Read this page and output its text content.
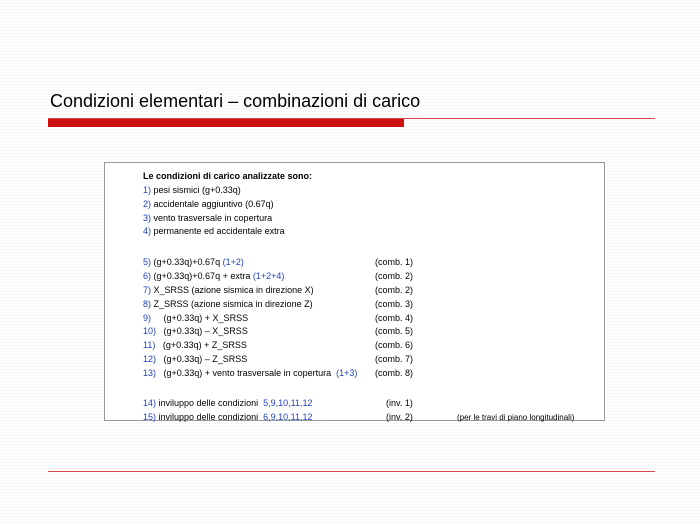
Condizioni elementari – combinazioni di carico
Le condizioni di carico analizzate sono:
1) pesi sismici (g+0.33q)
2) accidentale aggiuntivo (0.67q)
3) vento trasversale in copertura
4) permanente ed accidentale extra
5) (g+0.33q)+0.67q (1+2)	(comb. 1)
6) (g+0.33q)+0.67q + extra (1+2+4)	(comb. 2)
7) X_SRSS (azione sismica in direzione X)	(comb. 2)
8) Z_SRSS (azione sismica in direzione Z)	(comb. 3)
9)     (g+0.33q) + X_SRSS	(comb. 4)
10)   (g+0.33q) – X_SRSS	(comb. 5)
11)   (g+0.33q) + Z_SRSS	(comb. 6)
12)   (g+0.33q) – Z_SRSS	(comb. 7)
13)   (g+0.33q) + vento trasversale in copertura  (1+3) (comb. 8)
14) inviluppo delle condizioni  5,9,10,11,12	(inv. 1)
15) inviluppo delle condizioni  6,9,10,11,12	(inv. 2)	(per le travi di piano longitudinali)
